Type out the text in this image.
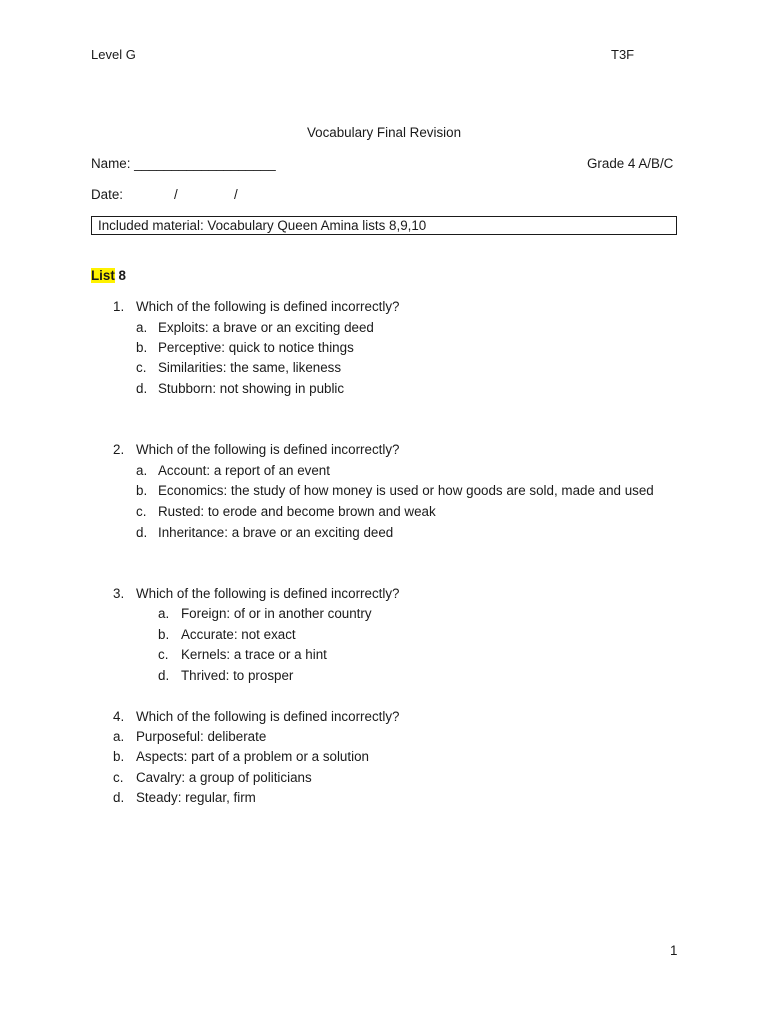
Level G	T3F
Vocabulary Final Revision
Name: ___________________	Grade 4 A/B/C
Date:	/	/
Included material: Vocabulary Queen Amina lists 8,9,10
List 8
1. Which of the following is defined incorrectly?
a. Exploits: a brave or an exciting deed
b. Perceptive: quick to notice things
c. Similarities: the same, likeness
d. Stubborn: not showing in public
2. Which of the following is defined incorrectly?
a. Account: a report of an event
b. Economics: the study of how money is used or how goods are sold, made and used
c. Rusted: to erode and become brown and weak
d. Inheritance: a brave or an exciting deed
3. Which of the following is defined incorrectly?
a. Foreign: of or in another country
b. Accurate: not exact
c. Kernels: a trace or a hint
d. Thrived: to prosper
4. Which of the following is defined incorrectly?
a. Purposeful: deliberate
b. Aspects: part of a problem or a solution
c. Cavalry: a group of politicians
d. Steady: regular, firm
1
